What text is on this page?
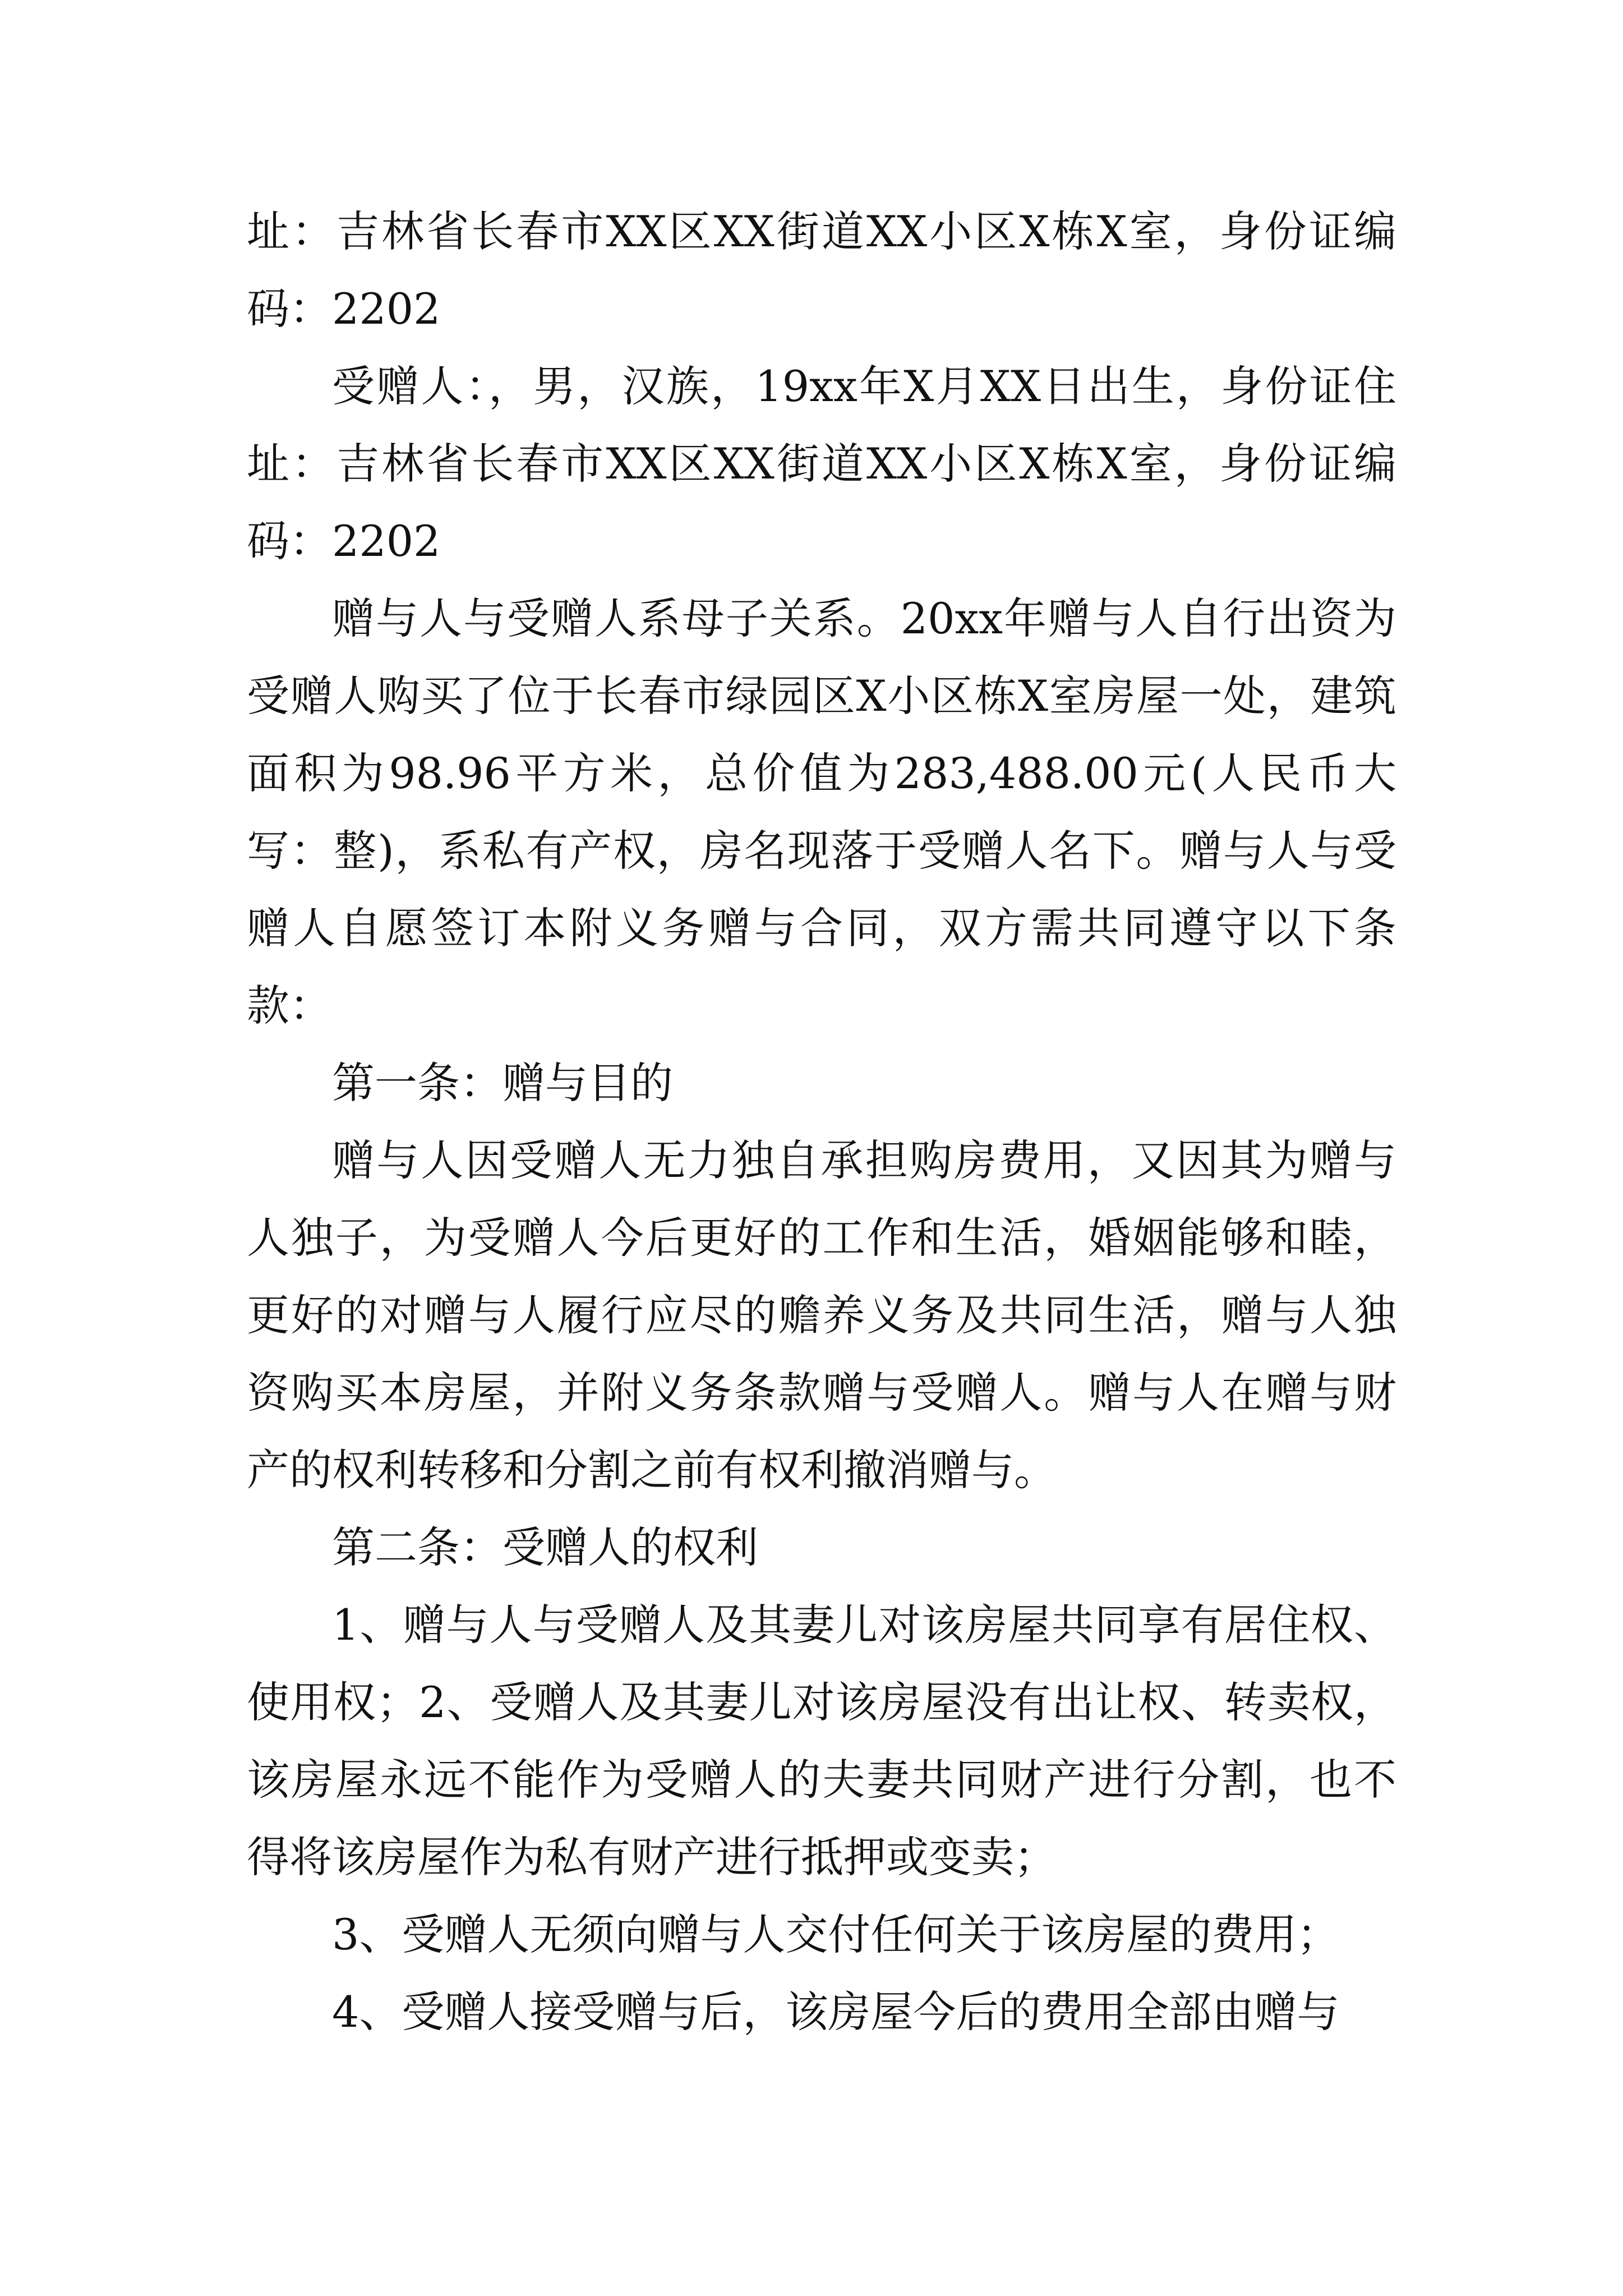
址：吉林省长春市XX区XX街道XX小区X栋X室，身份证编码：2202

受赠人：，男，汉族，19xx年X月XX日出生，身份证住址：吉林省长春市XX区XX街道XX小区X栋X室，身份证编码：2202

赠与人与受赠人系母子关系。20xx年赠与人自行出资为受赠人购买了位于长春市绿园区X小区栋X室房屋一处，建筑面积为98.96平方米，总价值为283,488.00元(人民币大写：整)，系私有产权，房名现落于受赠人名下。赠与人与受赠人自愿签订本附义务赠与合同，双方需共同遵守以下条款：

第一条：赠与目的

赠与人因受赠人无力独自承担购房费用，又因其为赠与人独子，为受赠人今后更好的工作和生活，婚姻能够和睦，更好的对赠与人履行应尽的赡养义务及共同生活，赠与人独资购买本房屋，并附义务条款赠与受赠人。赠与人在赠与财产的权利转移和分割之前有权利撤消赠与。

第二条：受赠人的权利

1、赠与人与受赠人及其妻儿对该房屋共同享有居住权、使用权；2、受赠人及其妻儿对该房屋没有出让权、转卖权，该房屋永远不能作为受赠人的夫妻共同财产进行分割，也不得将该房屋作为私有财产进行抵押或变卖；

3、受赠人无须向赠与人交付任何关于该房屋的费用；

4、受赠人接受赠与后，该房屋今后的费用全部由赠与
